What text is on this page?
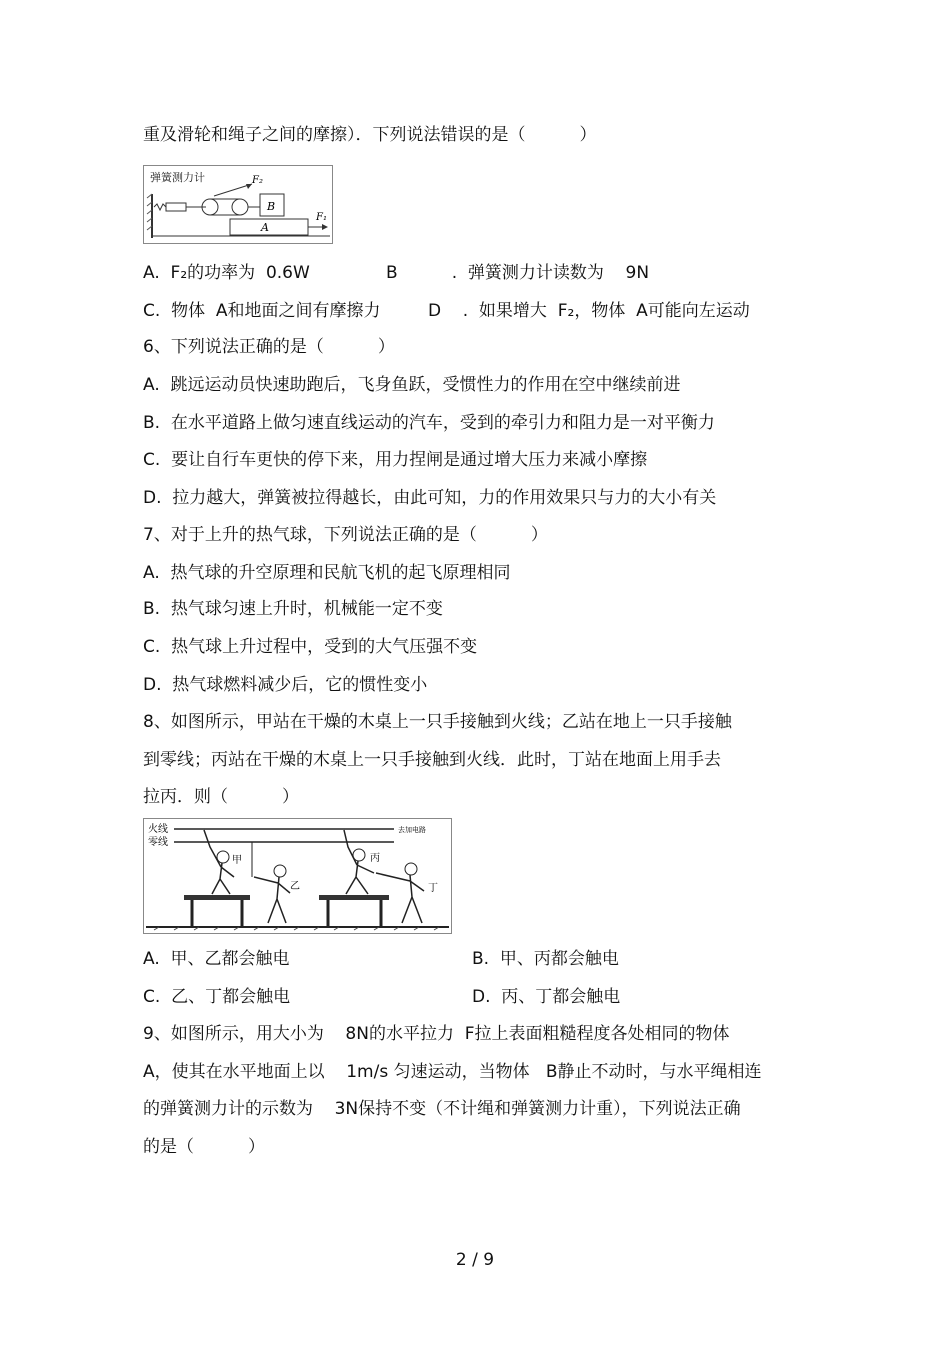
重及滑轮和绳子之间的摩擦）．下列说法错误的是（          ）
弹簧测力计	F₂
B
A
F₁
A.  F₂的功率为  0.6W	B          .  弹簧测力计读数为    9N
C.  物体  A和地面之间有摩擦力	D    .  如果增大  F₂，物体  A可能向左运动
6、下列说法正确的是（          ）
A.  跳远运动员快速助跑后，飞身鱼跃，受惯性力的作用在空中继续前进
B.  在水平道路上做匀速直线运动的汽车，受到的牵引力和阻力是一对平衡力
C.  要让自行车更快的停下来，用力捏闸是通过增大压力来减小摩擦
D.  拉力越大，弹簧被拉得越长，由此可知，力的作用效果只与力的大小有关
7、对于上升的热气球，下列说法正确的是（          ）
A.  热气球的升空原理和民航飞机的起飞原理相同
B.  热气球匀速上升时，机械能一定不变
C.  热气球上升过程中，受到的大气压强不变
D.  热气球燃料减少后，它的惯性变小
8、如图所示，甲站在干燥的木桌上一只手接触到火线；乙站在地上一只手接触
到零线；丙站在干燥的木桌上一只手接触到火线．此时，丁站在地面上用手去
拉丙．则（          ）
火线
零线
去加电路
甲
乙
丙
丁
A.  甲、乙都会触电	B.  甲、丙都会触电
C.  乙、丁都会触电	D.  丙、丁都会触电
9、如图所示，用大小为    8N的水平拉力  F拉上表面粗糙程度各处相同的物体
A，使其在水平地面上以    1m/s 匀速运动，当物体   B静止不动时，与水平绳相连
的弹簧测力计的示数为    3N保持不变（不计绳和弹簧测力计重），下列说法正确
的是（          ）
2 / 9
